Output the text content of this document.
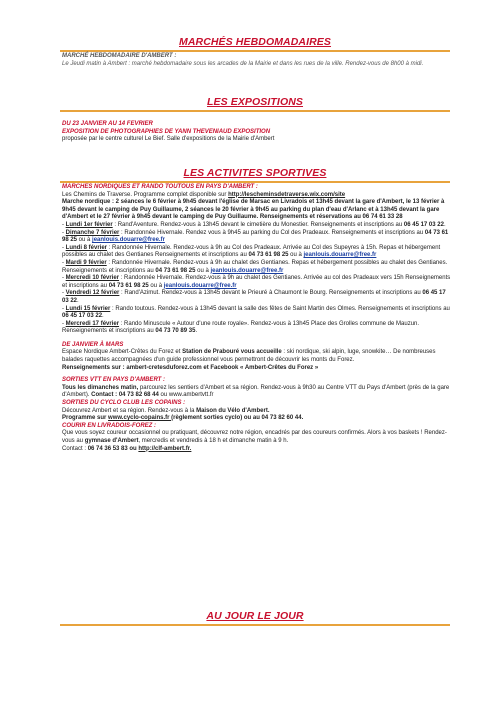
MARCHÉS HEBDOMADAIRES

MARCHÉ HEBDOMADAIRE D'AMBERT :

Le Jeudi matin à Ambert : marché hebdomadaire sous les arcades de la Mairie et dans les rues de la ville. Rendez-vous de 8h00 à midi.

LES EXPOSITIONS

DU 23 JANVIER AU 14 FEVRIER

EXPOSITION DE PHOTOGRAPHIES DE YANN THEVENIAUD EXPOSITION

proposée par le centre culturel Le Bief. Salle d'expositions de la Mairie d'Ambert

LES ACTIVITES SPORTIVES

MARCHES NORDIQUES ET RANDO TOUTOUS EN PAYS D'AMBERT :

Les Chemins de Traverse. Programme complet disponible sur http://lescheminsdetraverse.wix.com/site

Marche nordique : 2 séances le 6 février à 9h45 devant l'église de Marsac en Livradois et 13h45 devant la gare d'Ambert, le 13 février à 9h45 devant le camping de Puy Guillaume, 2 séances le 20 février à 9h45 au parking du plan d'eau d'Arlanc et à 13h45 devant la gare d'Ambert et le 27 février à 9h45 devant le camping de Puy Guillaume. Renseignements et réservations au 06 74 61 33 28

- Lundi 1er février : Rand'Aventure. Rendez-vous à 13h45 devant le cimetière du Monestier. Renseignements et inscriptions au 06 45 17 03 22.

- Dimanche 7 février : Randonnée Hivernale. Rendez vous à 9h45 au parking du Col des Pradeaux. Renseignements et inscriptions au 04 73 61 98 25 ou à jeanlouis.douarre@free.fr

- Lundi 8 février : Randonnée Hivernale. Rendez-vous à 9h au Col des Pradeaux. Arrivée au Col des Supeyres à 15h. Repas et hébergement possibles au chalet des Gentianes Renseignements et inscriptions au 04 73 61 98 25 ou à jeanlouis.douarre@free.fr

- Mardi 9 février : Randonnée Hivernale. Rendez-vous à 9h au chalet des Gentianes. Repas et hébergement possibles au chalet des Gentianes. Renseignements et inscriptions au 04 73 61 98 25 ou à jeanlouis.douarre@free.fr

- Mercredi 10 février : Randonnée Hivernale. Rendez-vous à 9h au chalet des Gentianes. Arrivée au col des Pradeaux vers 15h Renseignements et inscriptions au 04 73 61 98 25 ou à jeanlouis.douarre@free.fr

- Vendredi 12 février : Rand'Azimut. Rendez-vous à 13h45 devant le Prieuré à Chaumont le Bourg. Renseignements et inscriptions au 06 45 17 03 22.

- Lundi 15 février : Rando toutous. Rendez-vous à 13h45 devant la salle des fêtes de Saint Martin des Olmes. Renseignements et inscriptions au 06 45 17 03 22.

- Mercredi 17 février : Rando Minuscule « Autour d'une route royale». Rendez-vous à 13h45 Place des Grolles commune de Mauzun. Renseignements et inscriptions au 04 73 70 89 35.

DE JANVIER À MARS

Espace Nordique Ambert-Crêtes du Forez et Station de Prabouré vous accueille : ski nordique, ski alpin, luge, snowkite… De nombreuses balades raquettes accompagnées d'un guide professionnel vous permettront de découvrir les monts du Forez.

Renseignements sur : ambert-cretesduforez.com et Facebook « Ambert-Crêtes du Forez »

SORTIES VTT EN PAYS D'AMBERT :

Tous les dimanches matin, parcourez les sentiers d'Ambert et sa région. Rendez-vous à 9h30 au Centre VTT du Pays d'Ambert (près de la gare d'Ambert). Contact : 04 73 82 68 44 ou www.ambertvtt.fr

SORTIES DU CYCLO CLUB LES COPAINS :

Découvrez Ambert et sa région. Rendez-vous à la Maison du Vélo d'Ambert.

Programme sur www.cyclo-copains.fr (règlement sorties cyclo) ou au 04 73 82 60 44.

COURIR EN LIVRADOIS-FOREZ :

Que vous soyez coureur occasionnel ou pratiquant, découvrez notre région, encadrés par des coureurs confirmés. Alors à vos baskets ! Rendez-vous au gymnase d'Ambert, mercredis et vendredis à 18 h et dimanche matin à 9 h.

Contact : 06 74 36 53 83 ou http://clf-ambert.fr.

AU JOUR LE JOUR
